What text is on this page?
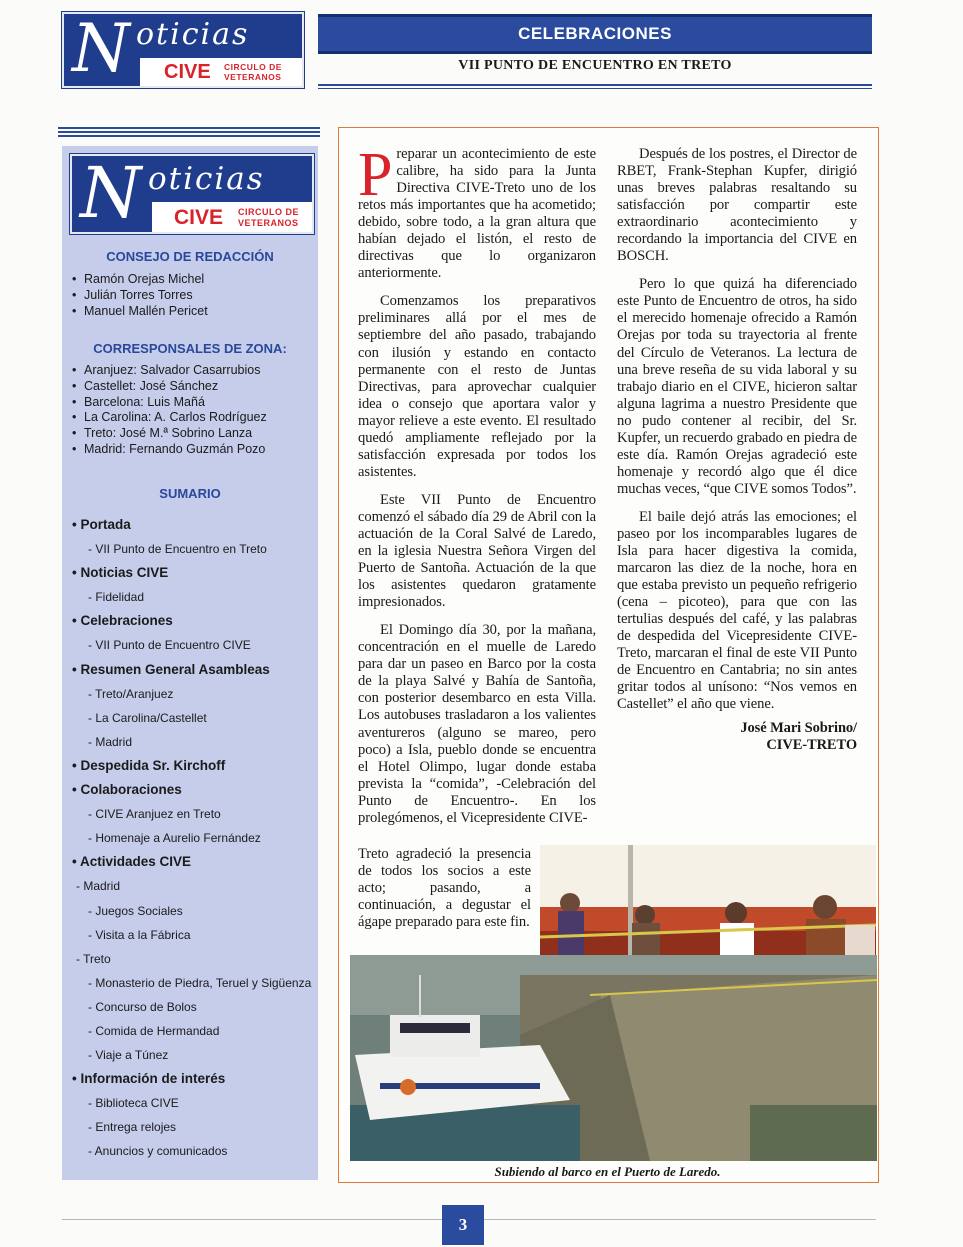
N oticias
CIVE CIRCULO DE
VETERANOS
CELEBRACIONES
VII PUNTO DE ENCUENTRO EN TRETO
N oticias
CIVE CIRCULO DE
VETERANOS
CONSEJO DE REDACCIÓN
• Ramón Orejas Michel
• Julián Torres Torres
• Manuel Mallén Pericet
CORRESPONSALES DE ZONA:
• Aranjuez: Salvador Casarrubios
• Castellet: José Sánchez
• Barcelona: Luis Mañá
• La Carolina: A. Carlos Rodríguez
• Treto: José M.ª Sobrino Lanza
• Madrid: Fernando Guzmán Pozo
SUMARIO
• Portada
- VII Punto de Encuentro en Treto
• Noticias CIVE
- Fidelidad
• Celebraciones
- VII Punto de Encuentro CIVE
• Resumen General Asambleas
- Treto/Aranjuez
- La Carolina/Castellet
- Madrid
• Despedida Sr. Kirchoff
• Colaboraciones
- CIVE Aranjuez en Treto
- Homenaje a Aurelio Fernández
• Actividades CIVE
- Madrid
- Juegos Sociales
- Visita a la Fábrica
- Treto
- Monasterio de Piedra, Teruel y Sigüenza
- Concurso de Bolos
- Comida de Hermandad
- Viaje a Túnez
• Información de interés
- Biblioteca CIVE
- Entrega relojes
- Anuncios y comunicados

Preparar un acontecimiento de este calibre, ha sido para la Junta Directiva CIVE-Treto uno de los retos más importantes que ha acometido; debido, sobre todo, a la gran altura que habían dejado el listón, el resto de directivas que lo organizaron anteriormente.

Comenzamos los preparativos preliminares allá por el mes de septiembre del año pasado, trabajando con ilusión y estando en contacto permanente con el resto de Juntas Directivas, para aprovechar cualquier idea o consejo que aportara valor y mayor relieve a este evento. El resultado quedó ampliamente reflejado por la satisfacción expresada por todos los asistentes.

Este VII Punto de Encuentro comenzó el sábado día 29 de Abril con la actuación de la Coral Salvé de Laredo, en la iglesia Nuestra Señora Virgen del Puerto de Santoña. Actuación de la que los asistentes quedaron gratamente impresionados.

El Domingo día 30, por la mañana, concentración en el muelle de Laredo para dar un paseo en Barco por la costa de la playa Salvé y Bahía de Santoña, con posterior desembarco en esta Villa. Los autobuses trasladaron a los valientes aventureros (alguno se mareo, pero poco) a Isla, pueblo donde se encuentra el Hotel Olimpo, lugar donde estaba prevista la “comida”, -Celebración del Punto de Encuentro-. En los prolegómenos, el Vicepresidente CIVE-

Treto agradeció la presencia de todos los socios a este acto; pasando, a continuación, a degustar el ágape preparado para este fin.

Después de los postres, el Director de RBET, Frank-Stephan Kupfer, dirigió unas breves palabras resaltando su satisfacción por compartir este extraordinario acontecimiento y recordando la importancia del CIVE en BOSCH.

Pero lo que quizá ha diferenciado este Punto de Encuentro de otros, ha sido el merecido homenaje ofrecido a Ramón Orejas por toda su trayectoria al frente del Círculo de Veteranos. La lectura de una breve reseña de su vida laboral y su trabajo diario en el CIVE, hicieron saltar alguna lagrima a nuestro Presidente que no pudo contener al recibir, del Sr. Kupfer, un recuerdo grabado en piedra de este día. Ramón Orejas agradeció este homenaje y recordó algo que él dice muchas veces, “que CIVE somos Todos”.

El baile dejó atrás las emociones; el paseo por los incomparables lugares de Isla para hacer digestiva la comida, marcaron las diez de la noche, hora en que estaba previsto un pequeño refrigerio (cena – picoteo), para que con las tertulias después del café, y las palabras de despedida del Vicepresidente CIVE-Treto, marcaran el final de este VII Punto de Encuentro en Cantabria; no sin antes gritar todos al unísono: “Nos vemos en Castellet” el año que viene.

José Mari Sobrino/
CIVE-TRETO
Subiendo al barco en el Puerto de Laredo.
3
